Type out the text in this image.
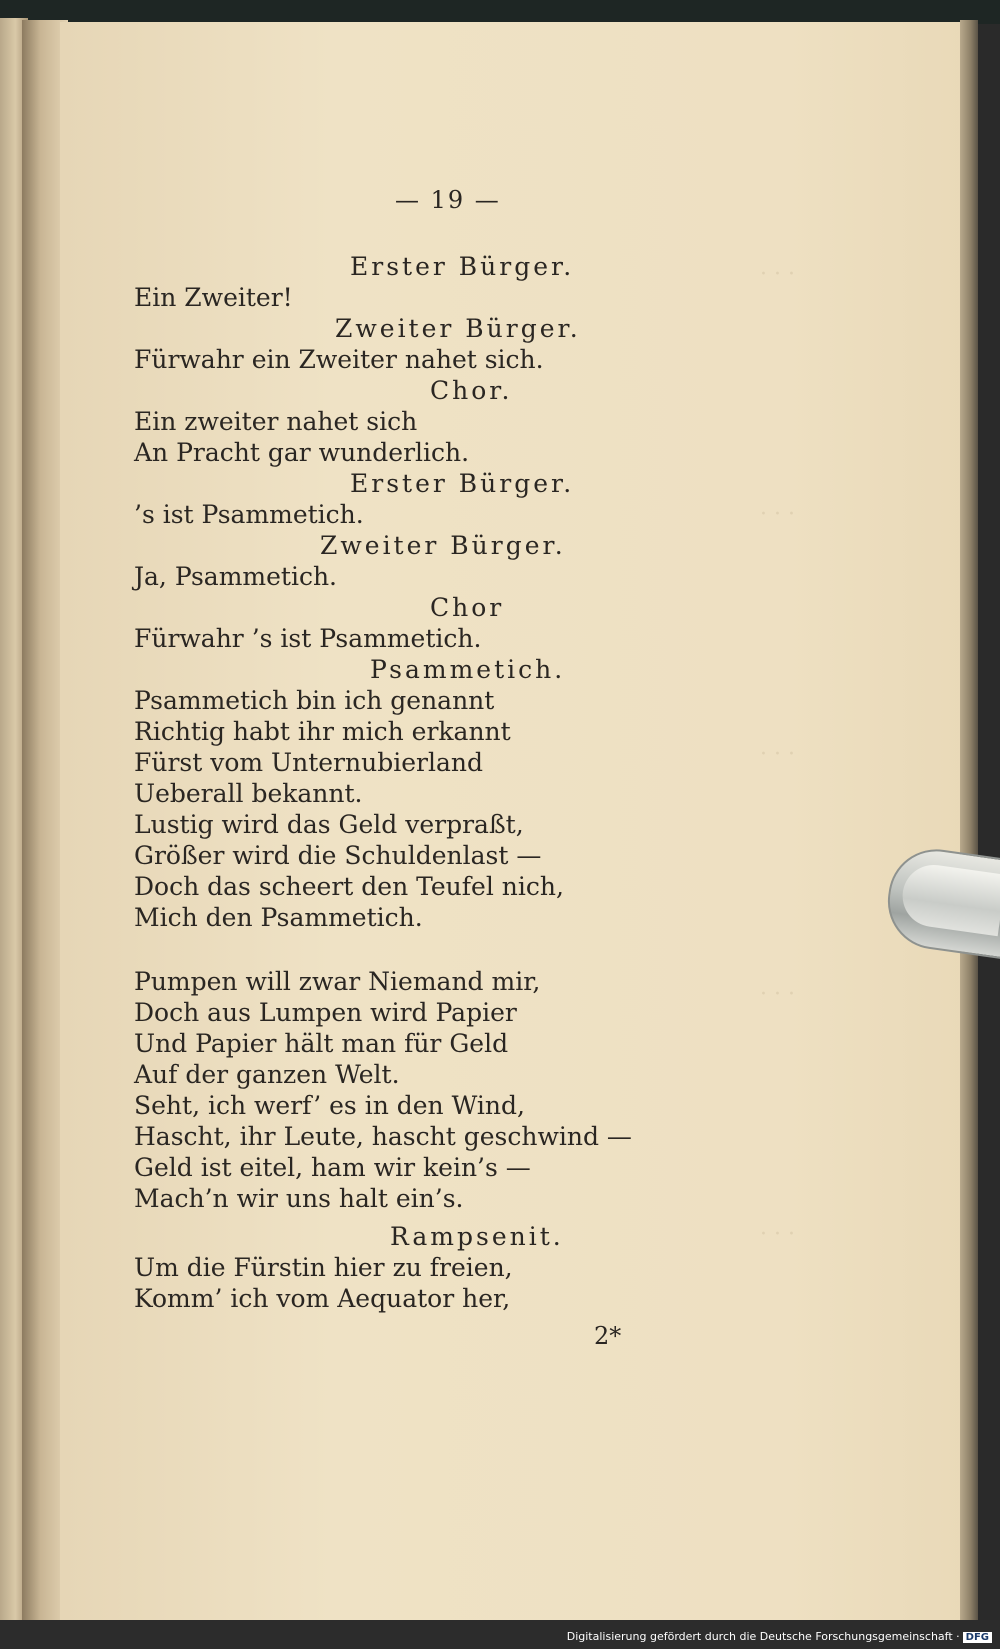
· · ·
· · ·
· · ·
· · ·
· · ·
— 19 —
Erster Bürger.
Ein Zweiter!
Zweiter Bürger.
Fürwahr ein Zweiter nahet sich.
Chor.
Ein zweiter nahet sich
An Pracht gar wunderlich.
Erster Bürger.
’s ist Psammetich.
Zweiter Bürger.
Ja, Psammetich.
Chor
Fürwahr ’s ist Psammetich.
Psammetich.
Psammetich bin ich genannt
Richtig habt ihr mich erkannt
Fürst vom Unternubierland
Ueberall bekannt.
Lustig wird das Geld verpraßt,
Größer wird die Schuldenlast —
Doch das scheert den Teufel nich,
Mich den Psammetich.
Pumpen will zwar Niemand mir,
Doch aus Lumpen wird Papier
Und Papier hält man für Geld
Auf der ganzen Welt.
Seht, ich werf’ es in den Wind,
Hascht, ihr Leute, hascht geschwind —
Geld ist eitel, ham wir kein’s —
Mach’n wir uns halt ein’s.
Rampsenit.
Um die Fürstin hier zu freien,
Komm’ ich vom Aequator her,
2*
Digitalisierung gefördert durch die Deutsche Forschungsgemeinschaft · DFG
